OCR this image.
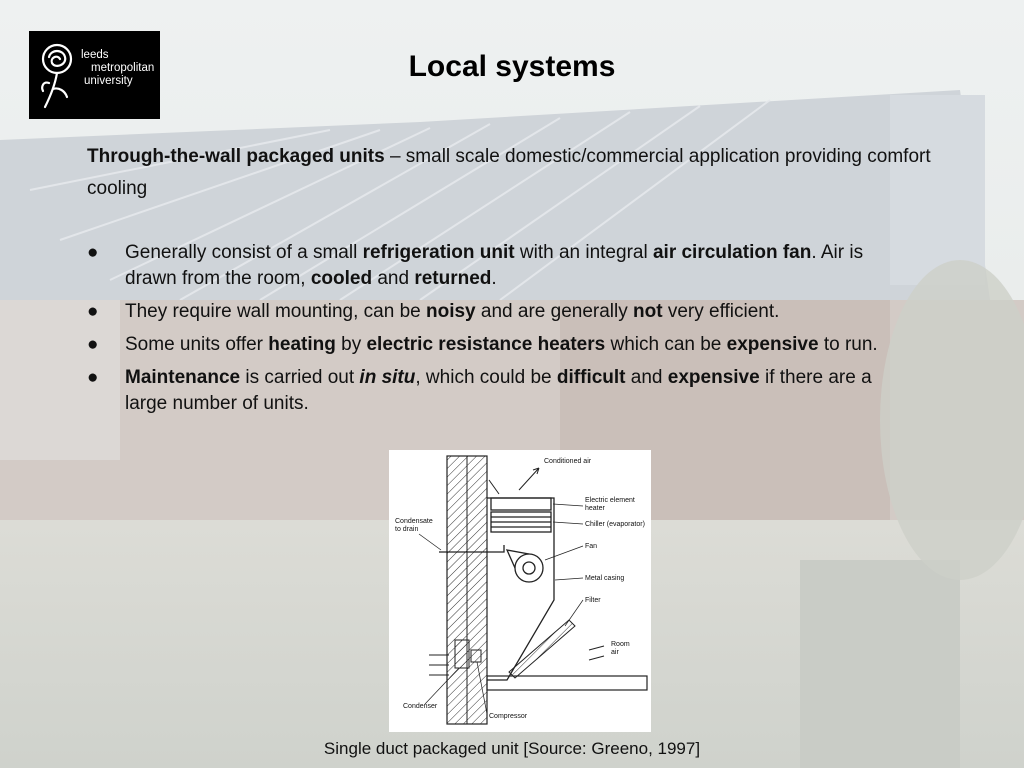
leeds
metropolitan
university	Local systems
Through-the-wall packaged units – small scale domestic/commercial application providing comfort cooling
● Generally consist of a small refrigeration unit with an integral air circulation fan. Air is drawn from the room, cooled and returned.
● They require wall mounting, can be noisy and are generally not very efficient.
● Some units offer heating by electric resistance heaters which can be expensive to run.
● Maintenance is carried out in situ, which could be difficult and expensive if there are a large number of units.
Conditioned air
Electric element
heater
Chiller (evaporator)
Condensate
to drain
Fan
Metal casing
Filter
Room
air
Condenser
Compressor
Single duct packaged unit [Source: Greeno, 1997]
